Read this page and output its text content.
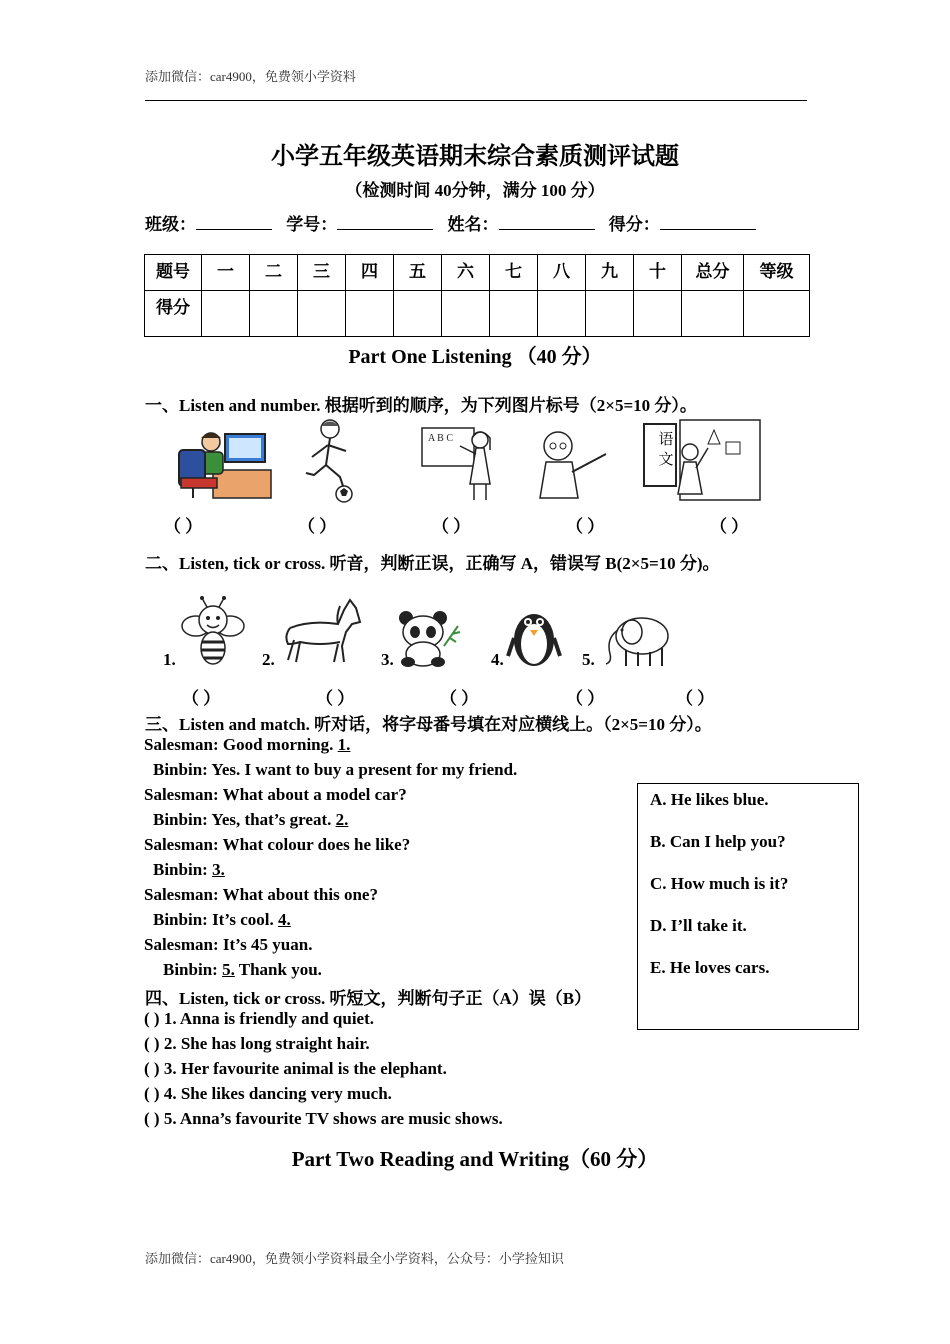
添加微信：car4900，免费领小学资料
小学五年级英语期末综合素质测评试题
（检测时间 40分钟，满分 100 分）
班级：	学号：	姓名：	得分：
题号	一	二	三	四	五	六	七	八	九	十	总分	等级
得分												
Part One Listening （40 分）
一、Listen and number. 根据听到的顺序，为下列图片标号（2×5=10 分）。
A B C	语文
（ ）	（ ）	（ ）	（ ）	（ ）
二、Listen, tick or cross. 听音，判断正误，正确写 A，错误写 B(2×5=10 分)。
1.	2.	3.	4.	5.
（ ）	（ ）	（ ）	（ ）	（ ）
三、Listen and match. 听对话，将字母番号填在对应横线上。（2×5=10 分）。
Salesman: Good morning. 1.
Binbin: Yes. I want to buy a present for my friend.
Salesman: What about a model car?
Binbin: Yes, that’s great. 2.
Salesman: What colour does he like?
Binbin: 3.
Salesman: What about this one?
Binbin: It’s cool. 4.
Salesman: It’s 45 yuan.
Binbin: 5. Thank you.
A. He likes blue.
B. Can I help you?
C. How much is it?
D. I’ll take it.
E. He loves cars.
四、Listen, tick or cross. 听短文，判断句子正（A）误（B）
( ) 1. Anna is friendly and quiet.
( ) 2. She has long straight hair.
( ) 3. Her favourite animal is the elephant.
( ) 4. She likes dancing very much.
( ) 5. Anna’s favourite TV shows are music shows.
Part Two Reading and Writing（60 分）
添加微信：car4900，免费领小学资料最全小学资料，公众号：小学捡知识
